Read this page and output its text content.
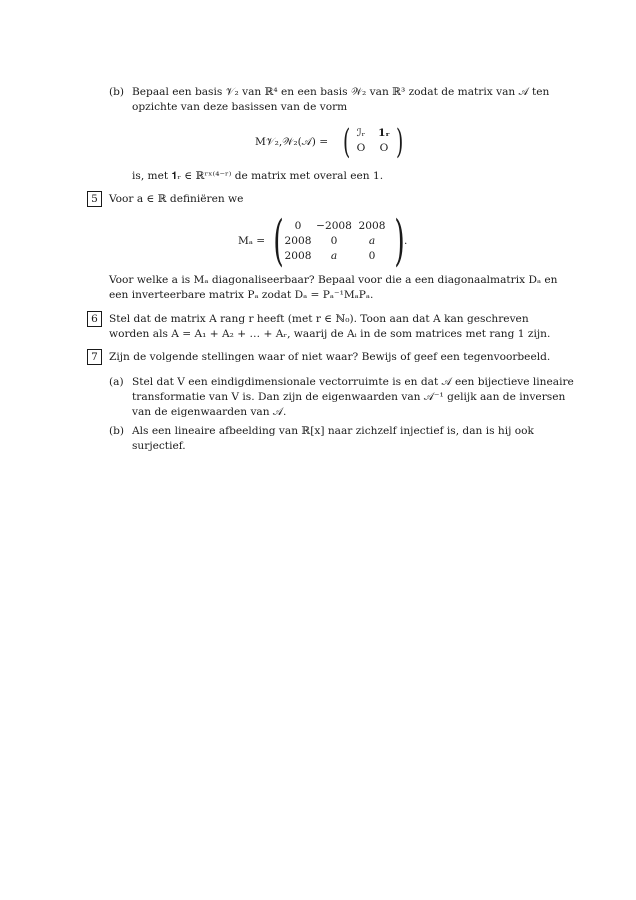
(b) Bepaal een basis 𝒱₂ van ℝ⁴ en een basis 𝒲₂ van ℝ³ zodat de matrix van 𝒜 ten
opzichte van deze basissen van de vorm
M𝒱₂,𝒲₂(𝒜) = ( ℐᵣ	𝟏ᵣ
O	O )
is, met 𝟏ᵣ ∈ ℝʳˣ⁽⁴⁻ʳ⁾ de matrix met overal een 1.
5	Voor a ∈ ℝ definiëren we
Mₐ = (	0	−2008 2008
2008	0	a
2008	a	0 ) .
Voor welke a is Mₐ diagonaliseerbaar? Bepaal voor die a een diagonaalmatrix Dₐ en
een inverteerbare matrix Pₐ zodat Dₐ = Pₐ⁻¹MₐPₐ.
6	Stel dat de matrix A rang r heeft (met r ∈ ℕ₀). Toon aan dat A kan geschreven
worden als A = A₁ + A₂ + … + Aᵣ, waarij de Aᵢ in de som matrices met rang 1 zijn.
7	Zijn de volgende stellingen waar of niet waar? Bewijs of geef een tegenvoorbeeld.
(a) Stel dat V een eindigdimensionale vectorruimte is en dat 𝒜 een bijectieve lineaire
transformatie van V is. Dan zijn de eigenwaarden van 𝒜⁻¹ gelijk aan de inversen
van de eigenwaarden van 𝒜.
(b) Als een lineaire afbeelding van ℝ[x] naar zichzelf injectief is, dan is hij ook
surjectief.
